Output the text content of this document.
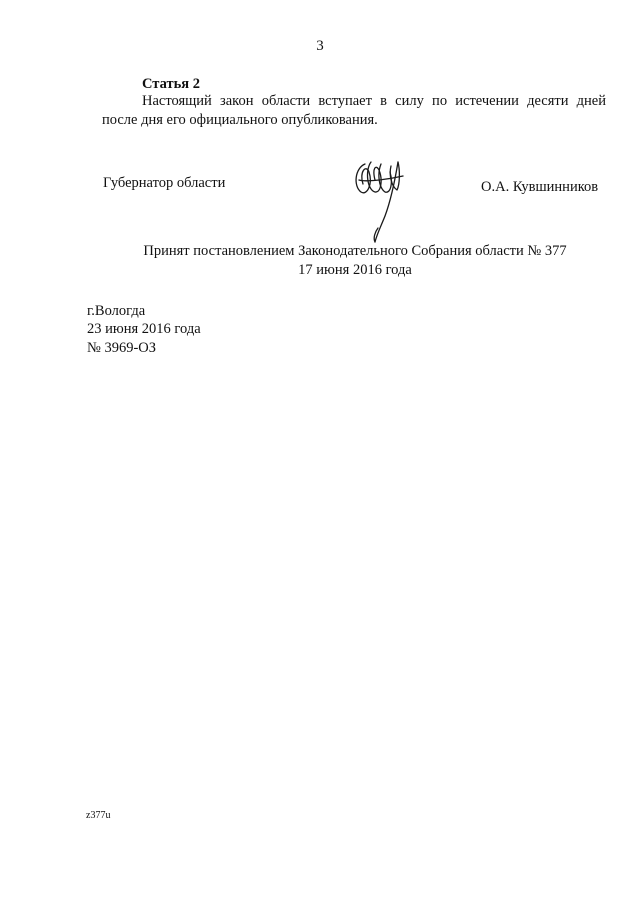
3
Статья 2
Настоящий закон области вступает в силу по истечении десяти дней
после дня его официального опубликования.
Губернатор области	О.А. Кувшинников
Принят постановлением Законодательного Собрания области № 377
17 июня 2016 года
г.Вологда
23 июня 2016 года
№ 3969-ОЗ
z377u
